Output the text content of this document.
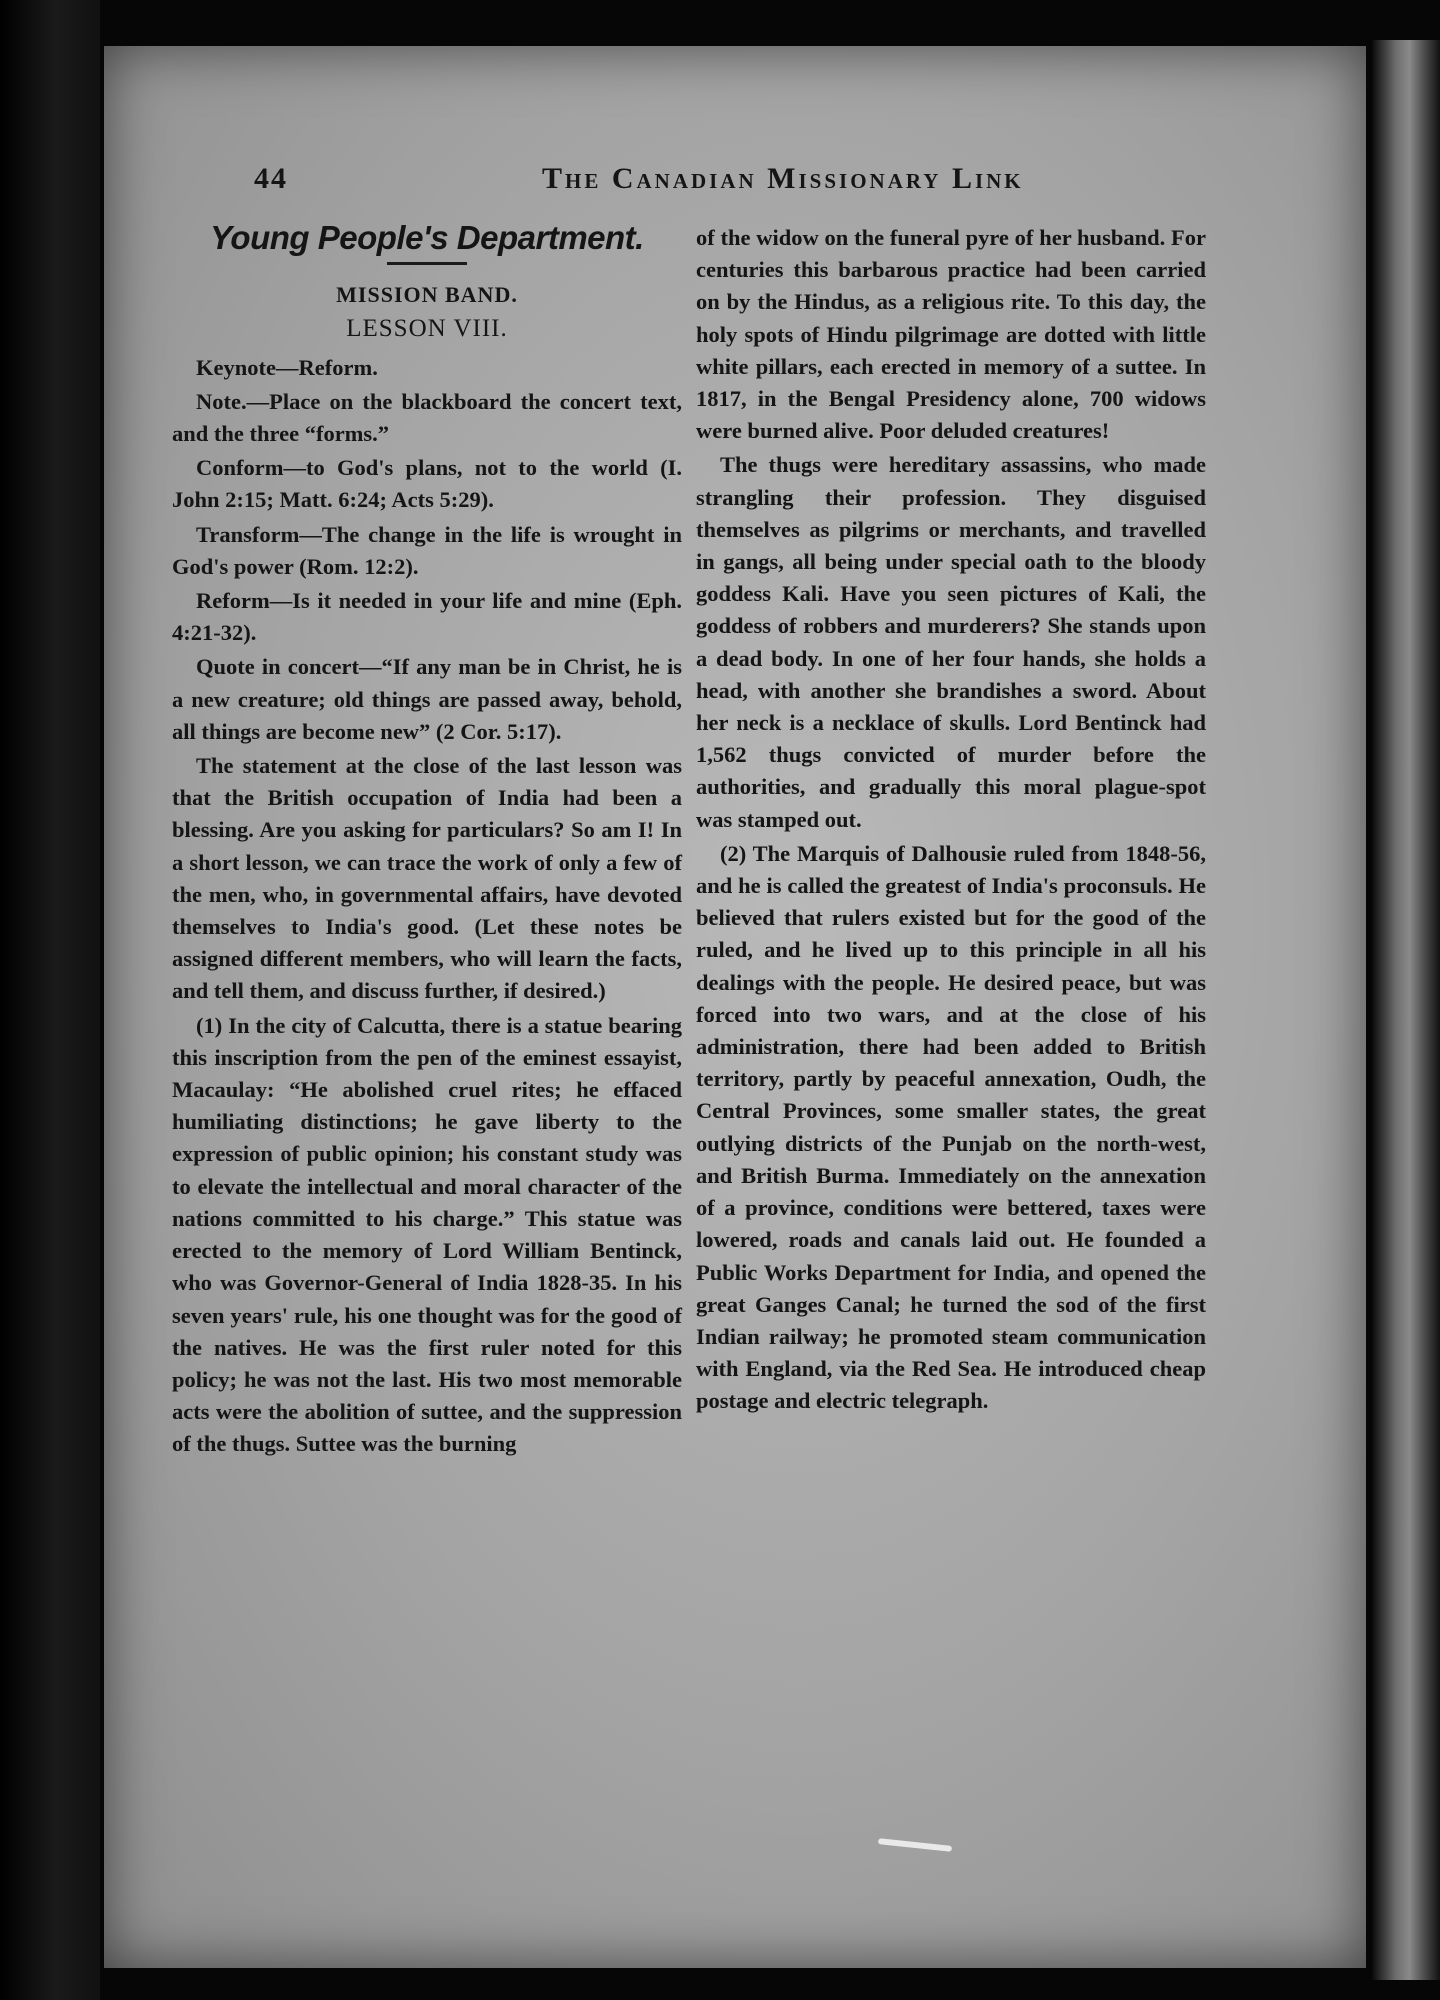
44	The Canadian Missionary Link
Young People's Department.
MISSION BAND.
LESSON VIII.

Keynote—Reform.

Note.—Place on the blackboard the concert text, and the three “forms.”

Conform—to God's plans, not to the world (I. John 2:15; Matt. 6:24; Acts 5:29).

Transform—The change in the life is wrought in God's power (Rom. 12:2).

Reform—Is it needed in your life and mine (Eph. 4:21-32).

Quote in concert—“If any man be in Christ, he is a new creature; old things are passed away, behold, all things are become new” (2 Cor. 5:17).

The statement at the close of the last lesson was that the British occupation of India had been a blessing. Are you asking for particulars? So am I! In a short lesson, we can trace the work of only a few of the men, who, in governmental affairs, have devoted themselves to India's good. (Let these notes be assigned different members, who will learn the facts, and tell them, and discuss further, if desired.)

(1) In the city of Calcutta, there is a statue bearing this inscription from the pen of the eminest essayist, Macaulay: “He abolished cruel rites; he effaced humiliating distinctions; he gave liberty to the expression of public opinion; his constant study was to elevate the intellectual and moral character of the nations committed to his charge.” This statue was erected to the memory of Lord William Bentinck, who was Governor-General of India 1828-35. In his seven years' rule, his one thought was for the good of the natives. He was the first ruler noted for this policy; he was not the last. His two most memorable acts were the abolition of suttee, and the suppression of the thugs. Suttee was the burning

of the widow on the funeral pyre of her husband. For centuries this barbarous practice had been carried on by the Hindus, as a religious rite. To this day, the holy spots of Hindu pilgrimage are dotted with little white pillars, each erected in memory of a suttee. In 1817, in the Bengal Presidency alone, 700 widows were burned alive. Poor deluded creatures!

The thugs were hereditary assassins, who made strangling their profession. They disguised themselves as pilgrims or merchants, and travelled in gangs, all being under special oath to the bloody goddess Kali. Have you seen pictures of Kali, the goddess of robbers and murderers? She stands upon a dead body. In one of her four hands, she holds a head, with another she brandishes a sword. About her neck is a necklace of skulls. Lord Bentinck had 1,562 thugs convicted of murder before the authorities, and gradually this moral plague-spot was stamped out.

(2) The Marquis of Dalhousie ruled from 1848-56, and he is called the greatest of India's proconsuls. He believed that rulers existed but for the good of the ruled, and he lived up to this principle in all his dealings with the people. He desired peace, but was forced into two wars, and at the close of his administration, there had been added to British territory, partly by peaceful annexation, Oudh, the Central Provinces, some smaller states, the great outlying districts of the Punjab on the north-west, and British Burma. Immediately on the annexation of a province, conditions were bettered, taxes were lowered, roads and canals laid out. He founded a Public Works Department for India, and opened the great Ganges Canal; he turned the sod of the first Indian railway; he promoted steam communication with England, via the Red Sea. He introduced cheap postage and electric telegraph.
